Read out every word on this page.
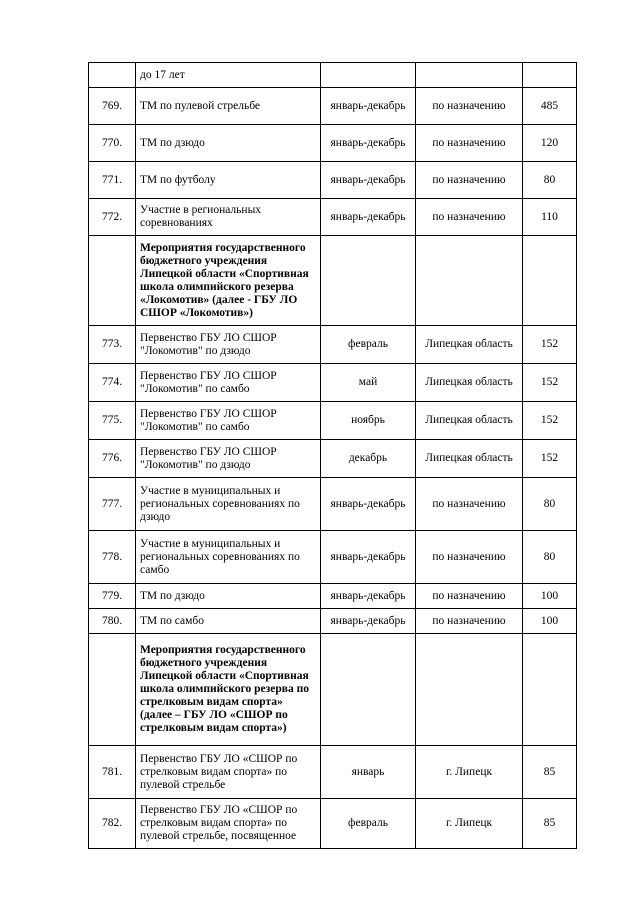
	до 17 лет			
769.	ТМ по пулевой стрельбе	январь-декабрь	по назначению	485
770.	ТМ по дзюдо	январь-декабрь	по назначению	120
771.	ТМ по футболу	январь-декабрь	по назначению	80
772.	Участие в региональных соревнованиях	январь-декабрь	по назначению	110
	Мероприятия государственного бюджетного учреждения Липецкой области «Спортивная школа олимпийского резерва «Локомотив» (далее - ГБУ ЛО СШОР «Локомотив»)			
773.	Первенство ГБУ ЛО СШОР "Локомотив" по дзюдо	февраль	Липецкая область	152
774.	Первенство ГБУ ЛО СШОР "Локомотив" по самбо	май	Липецкая область	152
775.	Первенство ГБУ ЛО СШОР "Локомотив" по самбо	ноябрь	Липецкая область	152
776.	Первенство ГБУ ЛО СШОР "Локомотив" по дзюдо	декабрь	Липецкая область	152
777.	Участие в муниципальных и региональных соревнованиях по дзюдо	январь-декабрь	по назначению	80
778.	Участие в муниципальных и региональных соревнованиях по самбо	январь-декабрь	по назначению	80
779.	ТМ по дзюдо	январь-декабрь	по назначению	100
780.	ТМ по самбо	январь-декабрь	по назначению	100
	Мероприятия государственного бюджетного учреждения Липецкой области «Спортивная школа олимпийского резерва по стрелковым видам спорта» (далее – ГБУ ЛО «СШОР по стрелковым видам спорта»)			
781.	Первенство ГБУ ЛО «СШОР по стрелковым видам спорта» по пулевой стрельбе	январь	г. Липецк	85
782.	Первенство ГБУ ЛО «СШОР по стрелковым видам спорта» по пулевой стрельбе, посвященное	февраль	г. Липецк	85
